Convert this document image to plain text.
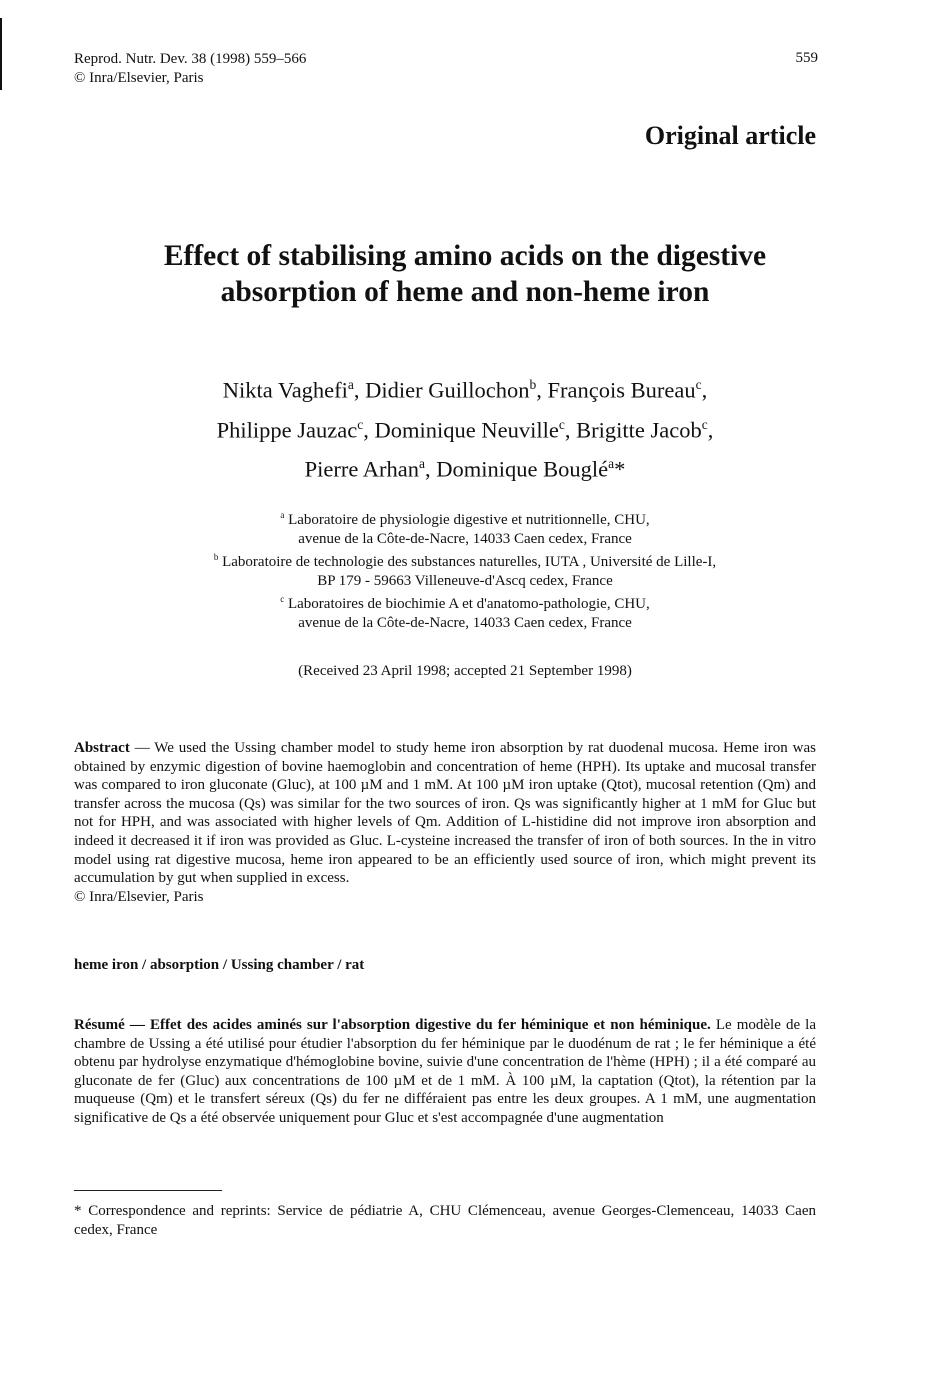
Reprod. Nutr. Dev. 38 (1998) 559–566
© Inra/Elsevier, Paris
559
Original article
Effect of stabilising amino acids on the digestive
absorption of heme and non-heme iron
Nikta Vaghefi$^a$, Didier Guillochon$^b$, François Bureau$^c$,
Philippe Jauzac$^c$, Dominique Neuville$^c$, Brigitte Jacob$^c$,
Pierre Arhan$^a$, Dominique Bouglé$^a$*
$^a$ Laboratoire de physiologie digestive et nutritionnelle, CHU,
avenue de la Côte-de-Nacre, 14033 Caen cedex, France
$^b$ Laboratoire de technologie des substances naturelles, IUTA , Université de Lille-I,
BP 179 - 59663 Villeneuve-d'Ascq cedex, France
$^c$ Laboratoires de biochimie A et d'anatomo-pathologie, CHU,
avenue de la Côte-de-Nacre, 14033 Caen cedex, France
(Received 23 April 1998; accepted 21 September 1998)
Abstract — We used the Ussing chamber model to study heme iron absorption by rat duodenal mucosa. Heme iron was obtained by enzymic digestion of bovine haemoglobin and concentration of heme (HPH). Its uptake and mucosal transfer was compared to iron gluconate (Gluc), at 100 µM and 1 mM. At 100 µM iron uptake (Qtot), mucosal retention (Qm) and transfer across the mucosa (Qs) was similar for the two sources of iron. Qs was significantly higher at 1 mM for Gluc but not for HPH, and was associated with higher levels of Qm. Addition of L-histidine did not improve iron absorption and indeed it decreased it if iron was provided as Gluc. L-cysteine increased the transfer of iron of both sources. In the in vitro model using rat digestive mucosa, heme iron appeared to be an efficiently used source of iron, which might prevent its accumulation by gut when supplied in excess.
© Inra/Elsevier, Paris
heme iron / absorption / Ussing chamber / rat
Résumé — Effet des acides aminés sur l'absorption digestive du fer héminique et non héminique. Le modèle de la chambre de Ussing a été utilisé pour étudier l'absorption du fer héminique par le duodénum de rat ; le fer héminique a été obtenu par hydrolyse enzymatique d'hémoglobine bovine, suivie d'une concentration de l'hème (HPH) ; il a été comparé au gluconate de fer (Gluc) aux concentrations de 100 µM et de 1 mM. À 100 µM, la captation (Qtot), la rétention par la muqueuse (Qm) et le transfert séreux (Qs) du fer ne différaient pas entre les deux groupes. A 1 mM, une augmentation significative de Qs a été observée uniquement pour Gluc et s'est accompagnée d'une augmentation
* Correspondence and reprints: Service de pédiatrie A, CHU Clémenceau, avenue Georges-Clemenceau, 14033 Caen cedex, France
